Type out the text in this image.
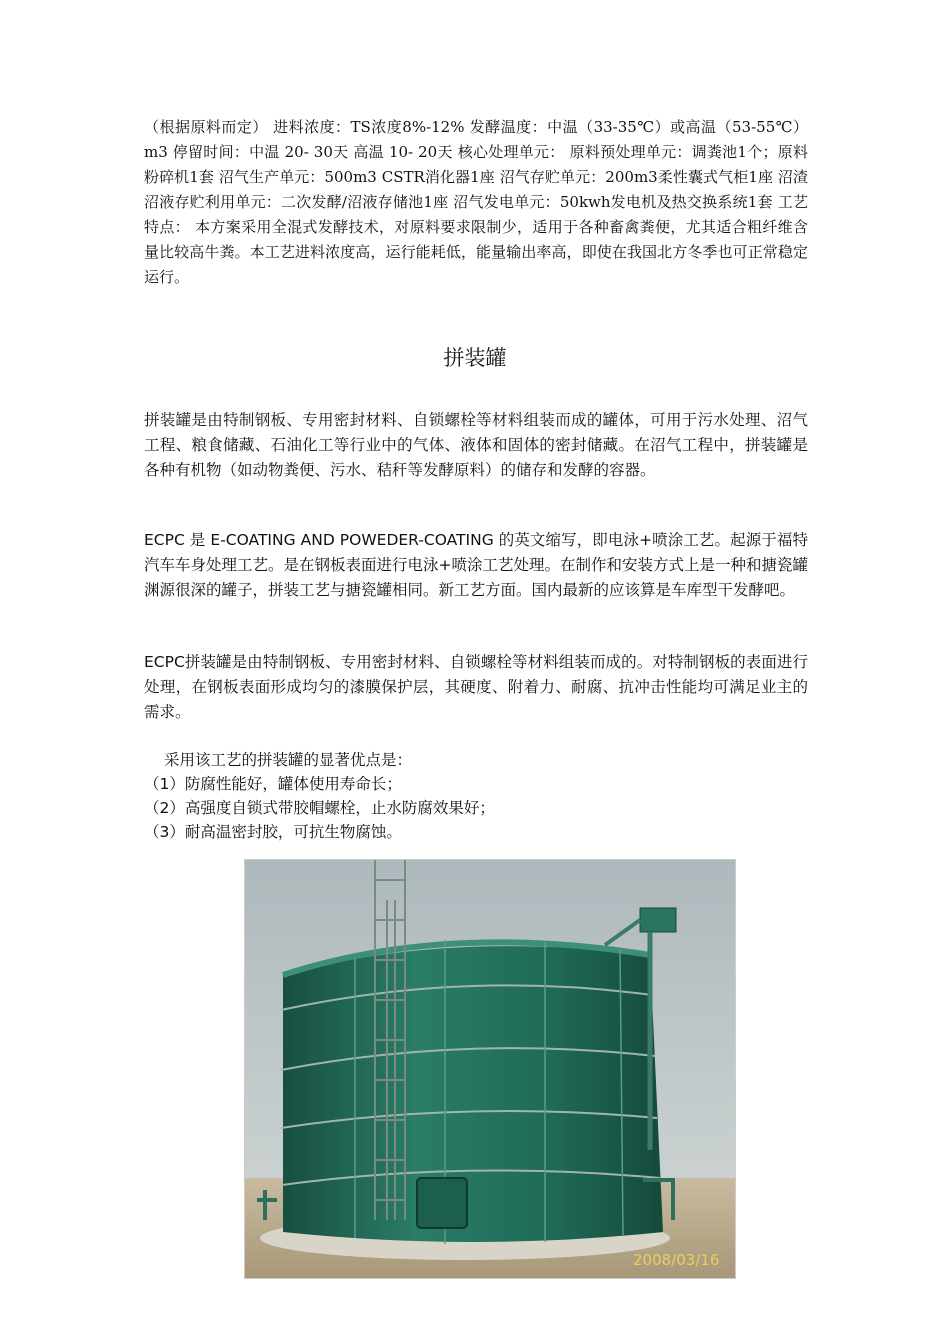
（根据原料而定） 进料浓度：TS浓度8%-12% 发酵温度：中温（33-35℃）或高温（53-55℃）m3 停留时间：中温 20- 30天 高温 10- 20天 核心处理单元： 原料预处理单元：调粪池1个；原料粉碎机1套 沼气生产单元：500m3 CSTR消化器1座 沼气存贮单元：200m3柔性囊式气柜1座 沼渣沼液存贮利用单元：二次发酵/沼液存储池1座 沼气发电单元：50kwh发电机及热交换系统1套 工艺特点： 本方案采用全混式发酵技术，对原料要求限制少，适用于各种畜禽粪便，尤其适合粗纤维含量比较高牛粪。本工艺进料浓度高，运行能耗低，能量输出率高，即使在我国北方冬季也可正常稳定运行。
拼装罐
拼装罐是由特制钢板、专用密封材料、自锁螺栓等材料组装而成的罐体，可用于污水处理、沼气工程、粮食储藏、石油化工等行业中的气体、液体和固体的密封储藏。在沼气工程中，拼装罐是各种有机物（如动物粪便、污水、秸秆等发酵原料）的储存和发酵的容器。
ECPC 是 E-COATING AND POWEDER-COATING 的英文缩写，即电泳+喷涂工艺。起源于福特汽车车身处理工艺。是在钢板表面进行电泳+喷涂工艺处理。在制作和安装方式上是一种和搪瓷罐渊源很深的罐子，拼装工艺与搪瓷罐相同。新工艺方面。国内最新的应该算是车库型干发酵吧。
ECPC拼装罐是由特制钢板、专用密封材料、自锁螺栓等材料组装而成的。对特制钢板的表面进行处理，在钢板表面形成均匀的漆膜保护层，其硬度、附着力、耐腐、抗冲击性能均可满足业主的需求。
采用该工艺的拼装罐的显著优点是：
（1）防腐性能好，罐体使用寿命长；
（2）高强度自锁式带胶帽螺栓，止水防腐效果好；
（3）耐高温密封胶，可抗生物腐蚀。
2008/03/16
